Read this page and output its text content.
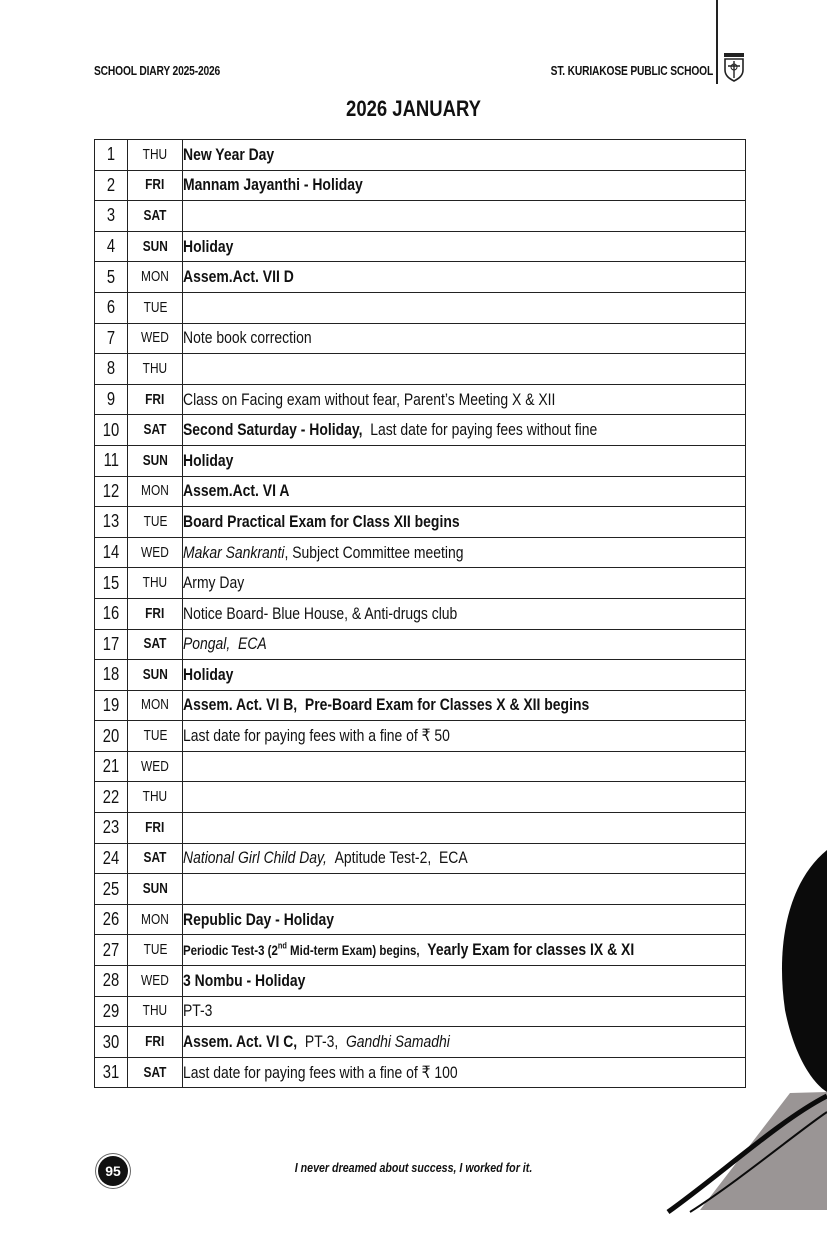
SCHOOL DIARY 2025-2026	ST. KURIAKOSE PUBLIC SCHOOL
2026 JANUARY
1	THU	New Year Day
2	FRI	Mannam Jayanthi - Holiday
3	SAT	
4	SUN	Holiday
5	MON	Assem.Act. VII D
6	TUE	
7	WED	Note book correction
8	THU	
9	FRI	Class on Facing exam without fear, Parent’s Meeting X & XII
10	SAT	Second Saturday - Holiday, Last date for paying fees without fine
11	SUN	Holiday
12	MON	Assem.Act. VI A
13	TUE	Board Practical Exam for Class XII begins
14	WED	Makar Sankranti, Subject Committee meeting
15	THU	Army Day
16	FRI	Notice Board- Blue House, & Anti-drugs club
17	SAT	Pongal, ECA
18	SUN	Holiday
19	MON	Assem. Act. VI B, Pre-Board Exam for Classes X & XII begins
20	TUE	Last date for paying fees with a fine of ₹ 50
21	WED	
22	THU	
23	FRI	
24	SAT	National Girl Child Day, Aptitude Test-2, ECA
25	SUN	
26	MON	Republic Day - Holiday
27	TUE	Periodic Test-3 (2nd Mid-term Exam) begins, Yearly Exam for classes IX & XI
28	WED	3 Nombu - Holiday
29	THU	PT-3
30	FRI	Assem. Act. VI C, PT-3, Gandhi Samadhi
31	SAT	Last date for paying fees with a fine of ₹ 100
95	I never dreamed about success, I worked for it.
